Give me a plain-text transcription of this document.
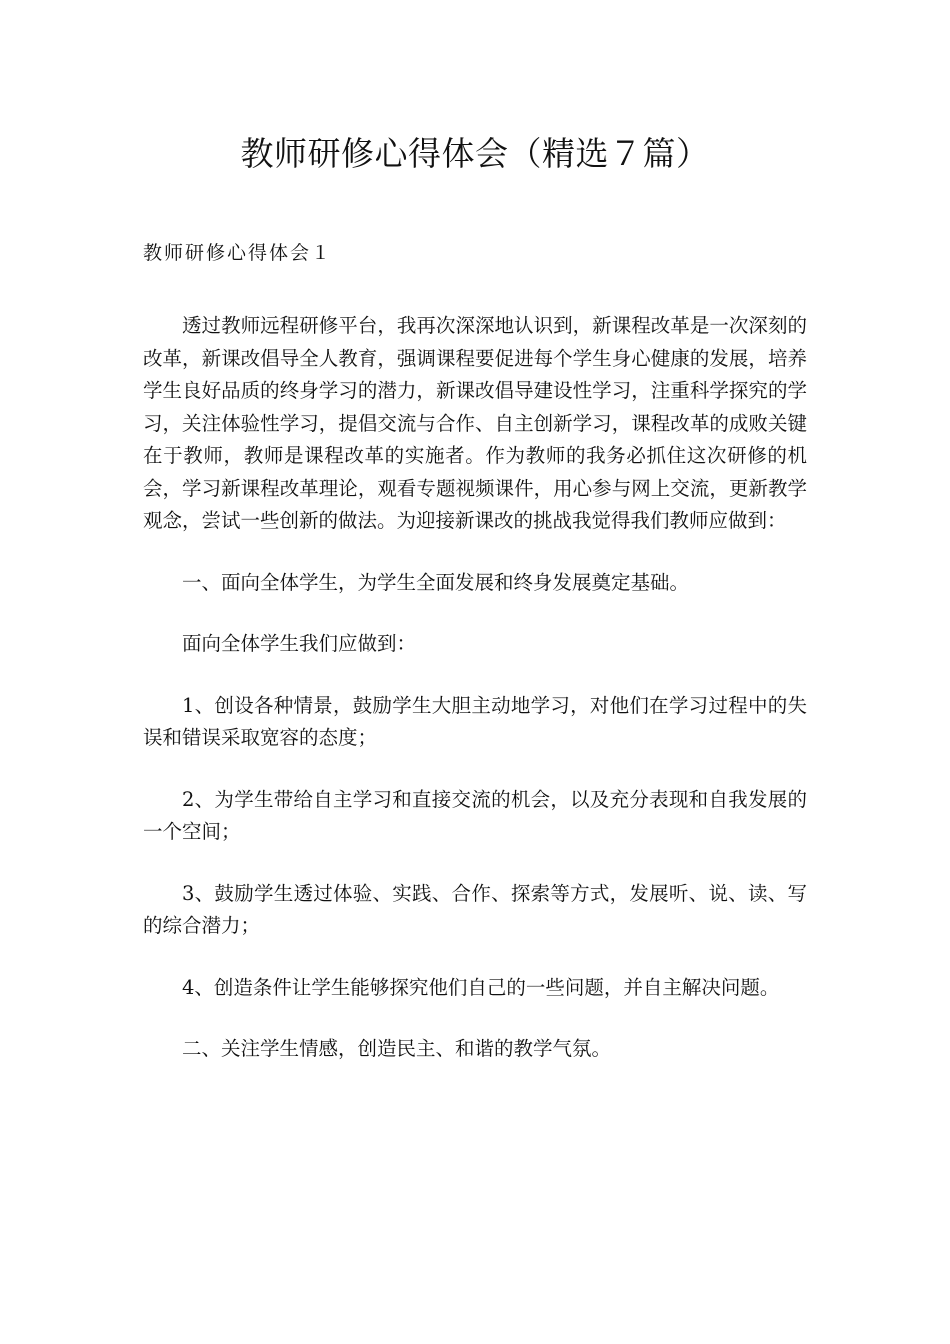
教师研修心得体会（精选７篇）
教师研修心得体会１

透过教师远程研修平台，我再次深深地认识到，新课程改革是一次深刻的改革，新课改倡导全人教育，强调课程要促进每个学生身心健康的发展，培养学生良好品质的终身学习的潜力，新课改倡导建设性学习，注重科学探究的学习，关注体验性学习，提倡交流与合作、自主创新学习，课程改革的成败关键在于教师，教师是课程改革的实施者。作为教师的我务必抓住这次研修的机会，学习新课程改革理论，观看专题视频课件，用心参与网上交流，更新教学观念，尝试一些创新的做法。为迎接新课改的挑战我觉得我们教师应做到：

一、面向全体学生，为学生全面发展和终身发展奠定基础。

面向全体学生我们应做到：

1、创设各种情景，鼓励学生大胆主动地学习，对他们在学习过程中的失误和错误采取宽容的态度；

2、为学生带给自主学习和直接交流的机会，以及充分表现和自我发展的一个空间；

3、鼓励学生透过体验、实践、合作、探索等方式，发展听、说、读、写的综合潜力；

4、创造条件让学生能够探究他们自己的一些问题，并自主解决问题。

二、关注学生情感，创造民主、和谐的教学气氛。
